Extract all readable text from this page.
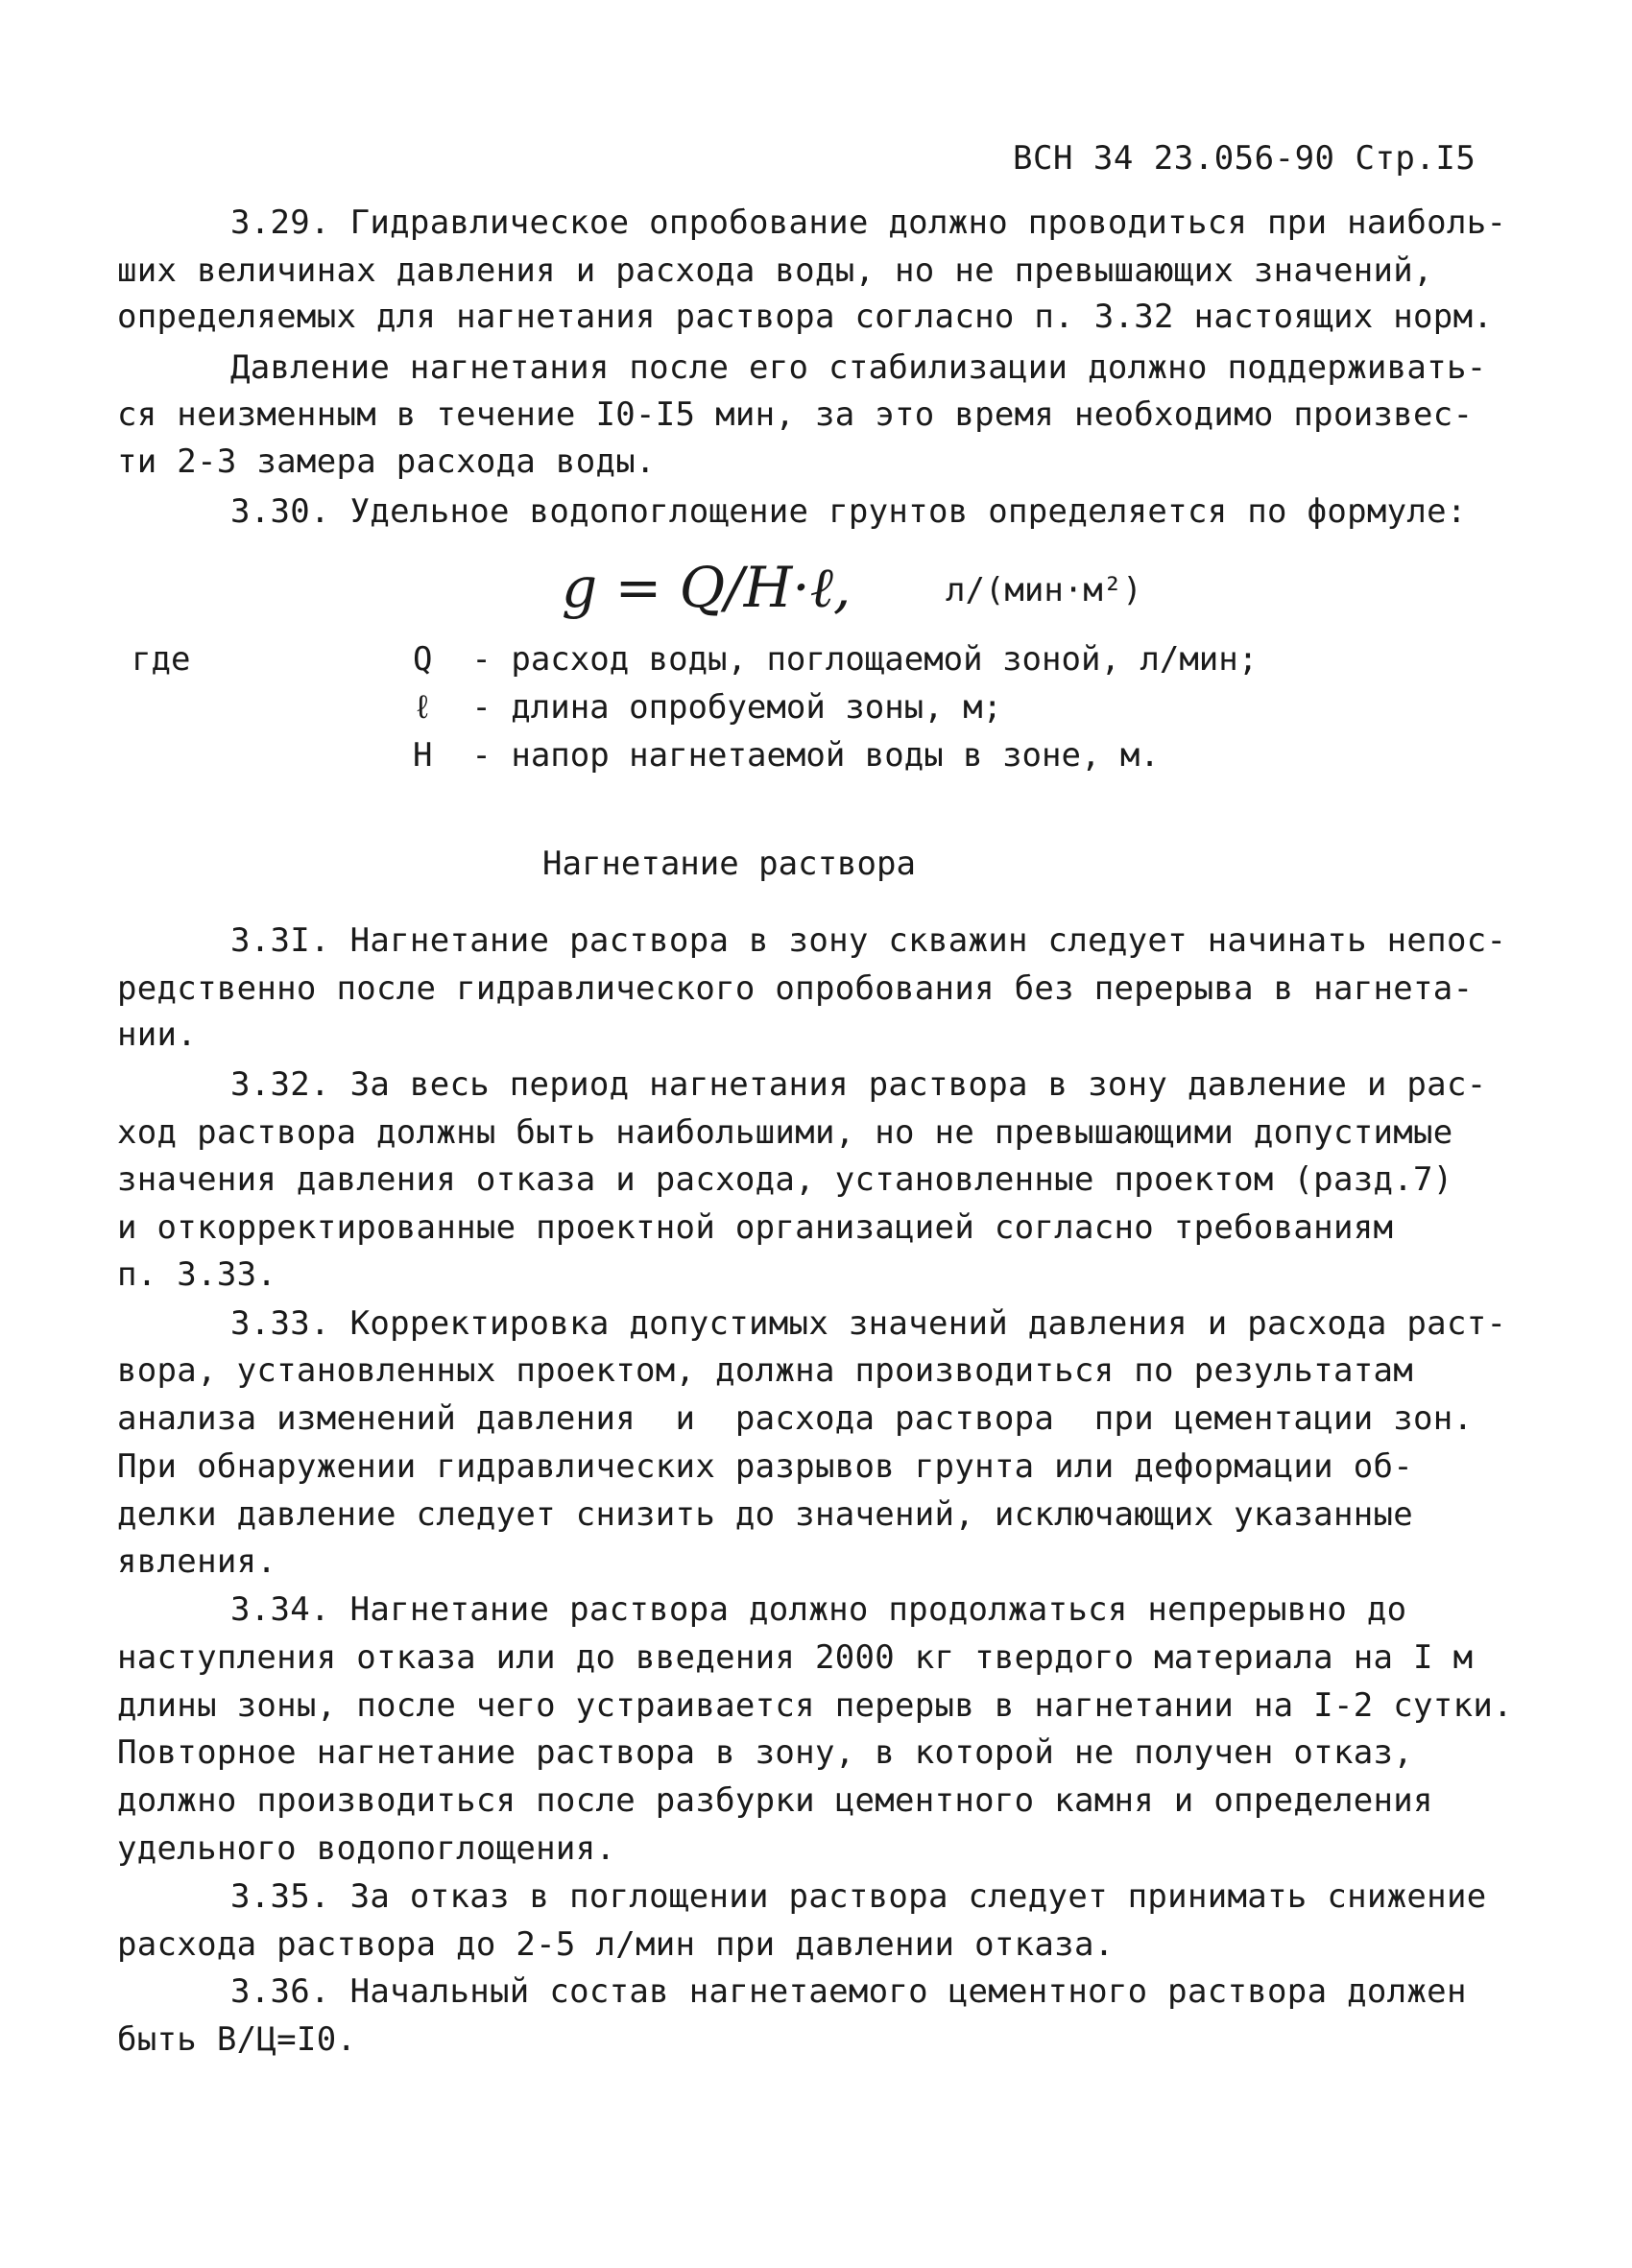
ВСН 34 23.056-90 Стр.I5
3.29. Гидравлическое опробование должно проводиться при наиболь-
ших величинах давления и расхода воды, но не превышающих значений,
определяемых для нагнетания раствора согласно п. 3.32 настоящих норм.
Давление нагнетания после его стабилизации должно поддерживать-
ся неизменным в течение I0-I5 мин, за это время необходимо произвес-
ти 2-3 замера расхода воды.
3.30. Удельное водопоглощение грунтов определяется по формуле:
g = Q/H·ℓ,	л/(мин·м²)
где	Q  - расход воды, поглощаемой зоной, л/мин;
ℓ  - длина опробуемой зоны, м;
H  - напор нагнетаемой воды в зоне, м.
Нагнетание раствора
3.3I. Нагнетание раствора в зону скважин следует начинать непос-
редственно после гидравлического опробования без перерыва в нагнета-
нии.
3.32. За весь период нагнетания раствора в зону давление и рас-
ход раствора должны быть наибольшими, но не превышающими допустимые
значения давления отказа и расхода, установленные проектом (разд.7)
и откорректированные проектной организацией согласно требованиям
п. 3.33.
3.33. Корректировка допустимых значений давления и расхода раст-
вора, установленных проектом, должна производиться по результатам
анализа изменений давления  и  расхода раствора  при цементации зон.
При обнаружении гидравлических разрывов грунта или деформации об-
делки давление следует снизить до значений, исключающих указанные
явления.
3.34. Нагнетание раствора должно продолжаться непрерывно до
наступления отказа или до введения 2000 кг твердого материала на I м
длины зоны, после чего устраивается перерыв в нагнетании на I-2 сутки.
Повторное нагнетание раствора в зону, в которой не получен отказ,
должно производиться после разбурки цементного камня и определения
удельного водопоглощения.
3.35. За отказ в поглощении раствора следует принимать снижение
расхода раствора до 2-5 л/мин при давлении отказа.
3.36. Начальный состав нагнетаемого цементного раствора должен
быть В/Ц=I0.
